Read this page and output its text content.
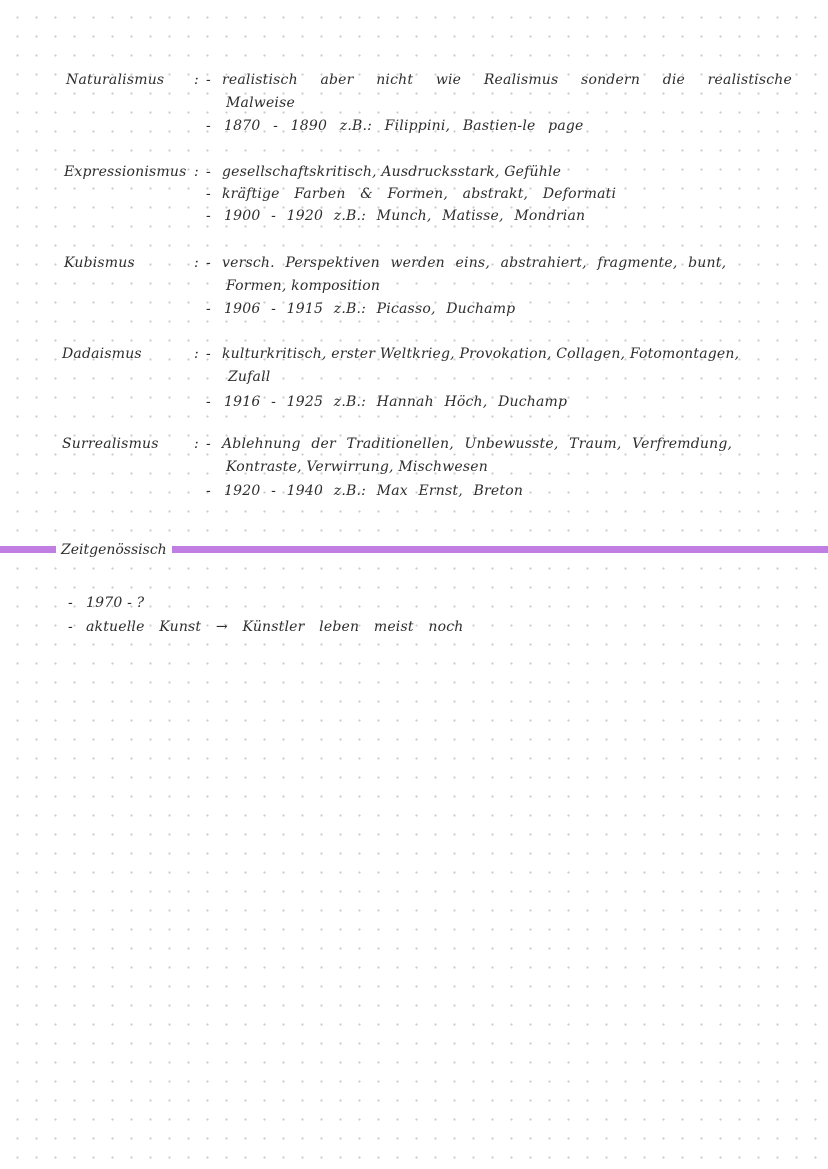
Naturalismus : - realistisch aber nicht wie Realismus sondern die realistische
Malweise
- 1870 - 1890 z.B.: Filippini, Bastien-le page
Expressionismus : - gesellschaftskritisch, Ausdrucksstark, Gefühle
- kräftige Farben & Formen, abstrakt, Deformati
- 1900 - 1920 z.B.: Munch, Matisse, Mondrian
Kubismus	: - versch. Perspektiven werden eins, abstrahiert, fragmente, bunt,
Formen, komposition
- 1906 - 1915 z.B.: Picasso, Duchamp
Dadaismus	: - kulturkritisch, erster Weltkrieg, Provokation, Collagen, Fotomontagen,
Zufall
- 1916 - 1925 z.B.: Hannah Höch, Duchamp
Surrealismus	: - Ablehnung der Traditionellen, Unbewusste, Traum, Verfremdung,
Kontraste, Verwirrung, Mischwesen
- 1920 - 1940 z.B.: Max Ernst, Breton
Zeitgenössisch
- 1970 - ?
- aktuelle Kunst → Künstler leben meist noch
